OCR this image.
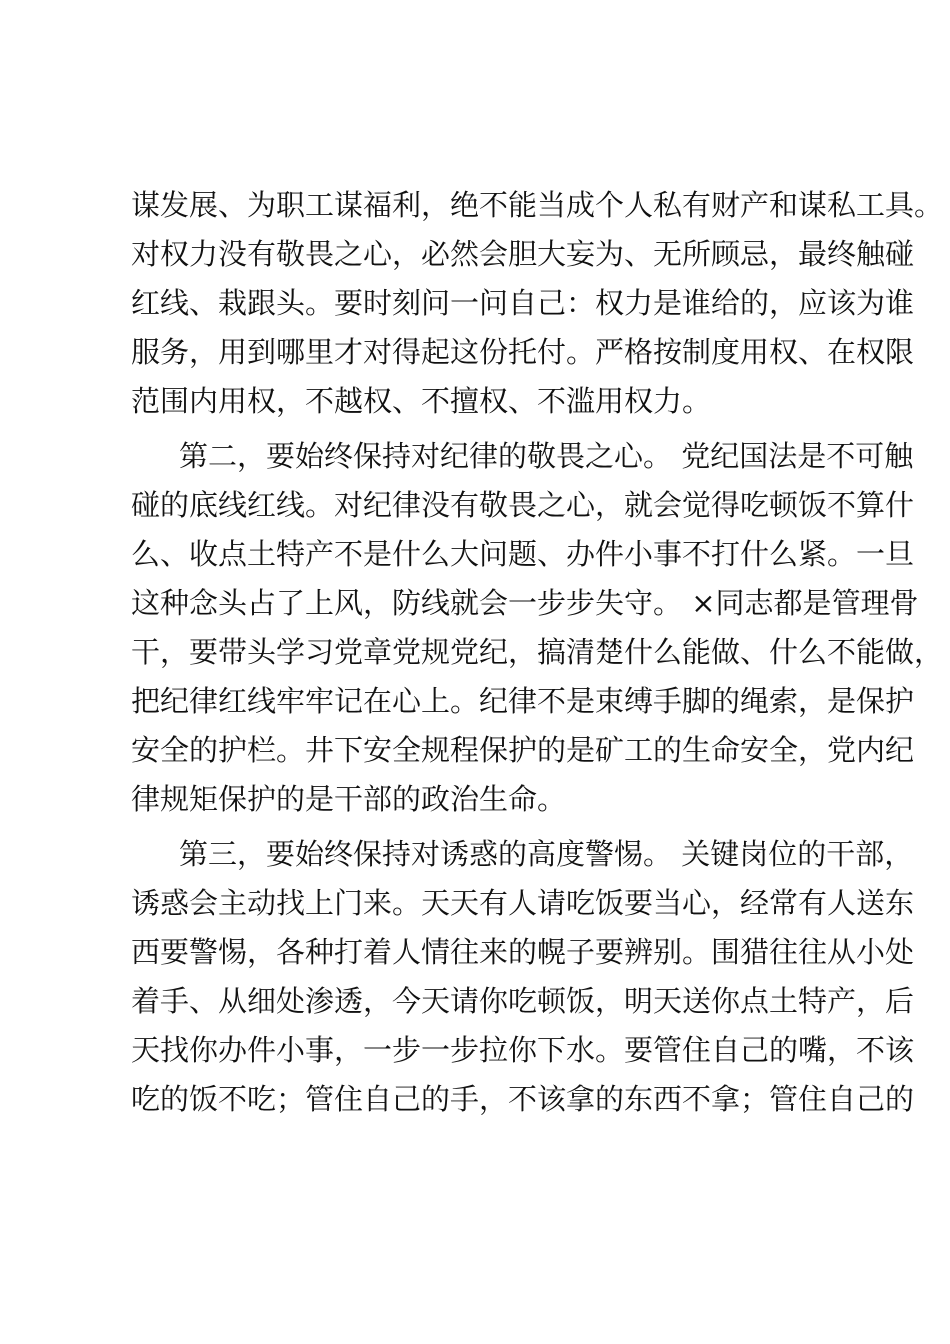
谋发展、为职工谋福利，绝不能当成个人私有财产和谋私工具。
对权力没有敬畏之心，必然会胆大妄为、无所顾忌，最终触碰
红线、栽跟头。要时刻问一问自己：权力是谁给的，应该为谁
服务，用到哪里才对得起这份托付。严格按制度用权、在权限
范围内用权，不越权、不擅权、不滥用权力。
第二，要始终保持对纪律的敬畏之心。 党纪国法是不可触
碰的底线红线。对纪律没有敬畏之心，就会觉得吃顿饭不算什
么、收点土特产不是什么大问题、办件小事不打什么紧。一旦
这种念头占了上风，防线就会一步步失守。 ×同志都是管理骨
干，要带头学习党章党规党纪，搞清楚什么能做、什么不能做，
把纪律红线牢牢记在心上。纪律不是束缚手脚的绳索，是保护
安全的护栏。井下安全规程保护的是矿工的生命安全，党内纪
律规矩保护的是干部的政治生命。
第三，要始终保持对诱惑的高度警惕。 关键岗位的干部，
诱惑会主动找上门来。天天有人请吃饭要当心，经常有人送东
西要警惕，各种打着人情往来的幌子要辨别。围猎往往从小处
着手、从细处渗透，今天请你吃顿饭，明天送你点土特产，后
天找你办件小事，一步一步拉你下水。要管住自己的嘴，不该
吃的饭不吃；管住自己的手，不该拿的东西不拿；管住自己的
